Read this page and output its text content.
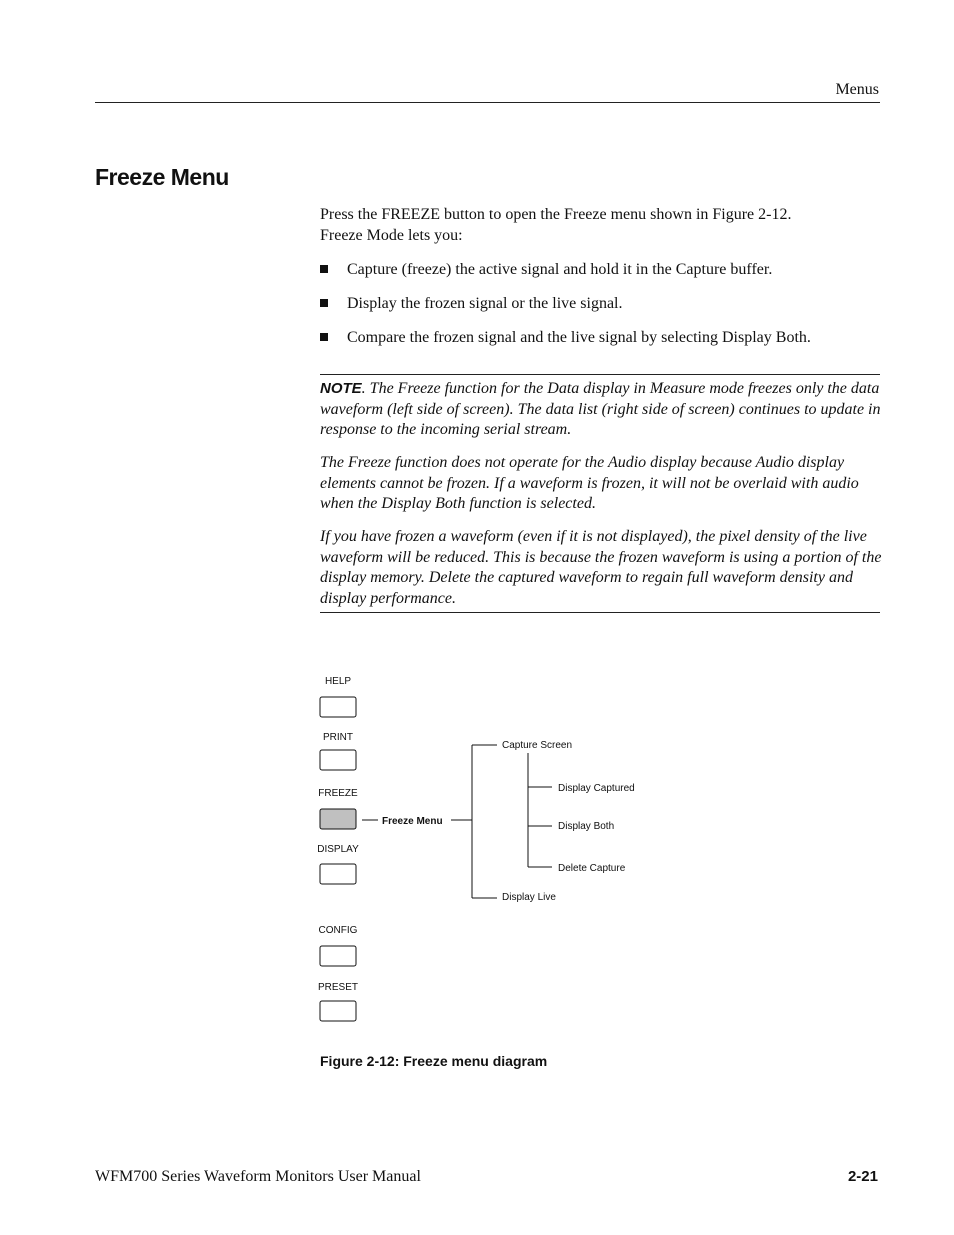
Menus
Freeze Menu
Press the FREEZE button to open the Freeze menu shown in Figure 2-12.
Freeze Mode lets you:
Capture (freeze) the active signal and hold it in the Capture buffer.
Display the frozen signal or the live signal.
Compare the frozen signal and the live signal by selecting Display Both.
NOTE. The Freeze function for the Data display in Measure mode freezes only the data waveform (left side of screen). The data list (right side of screen) continues to update in response to the incoming serial stream.
The Freeze function does not operate for the Audio display because Audio display elements cannot be frozen. If a waveform is frozen, it will not be overlaid with audio when the Display Both function is selected.
If you have frozen a waveform (even if it is not displayed), the pixel density of the live waveform will be reduced. This is because the frozen waveform is using a portion of the display memory. Delete the captured waveform to regain full waveform density and display performance.
HELP
PRINT
FREEZE
DISPLAY
CONFIG
PRESET
Freeze Menu
Capture Screen
Display Live
Display Captured
Display Both
Delete Capture
Figure 2-12: Freeze menu diagram
WFM700 Series Waveform Monitors User Manual	2-21
